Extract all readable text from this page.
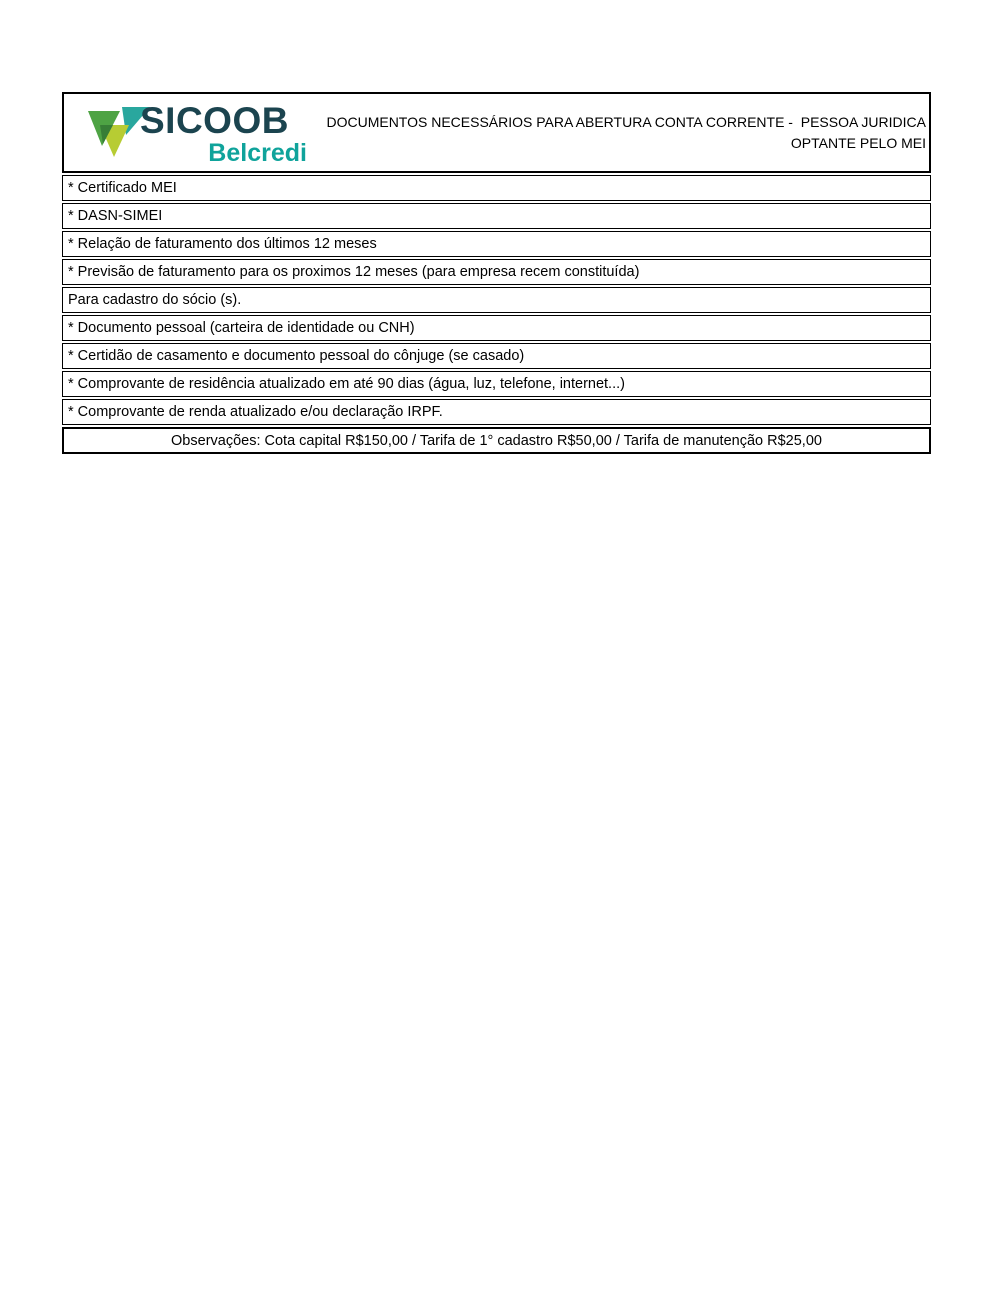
SICOOB
Belcredi
DOCUMENTOS NECESSÁRIOS PARA ABERTURA CONTA CORRENTE -  PESSOA JURIDICA
OPTANTE PELO MEI
* Certificado MEI
* DASN-SIMEI
* Relação de faturamento dos últimos 12 meses
* Previsão de faturamento para os proximos 12 meses (para empresa recem constituída)
Para cadastro do sócio (s).
* Documento pessoal (carteira de identidade ou CNH)
* Certidão de casamento e documento pessoal do cônjuge (se casado)
* Comprovante de residência atualizado em até 90 dias (água, luz, telefone, internet...)
* Comprovante de renda atualizado e/ou declaração IRPF.
Observações: Cota capital R$150,00 / Tarifa de 1° cadastro R$50,00 / Tarifa de manutenção R$25,00
